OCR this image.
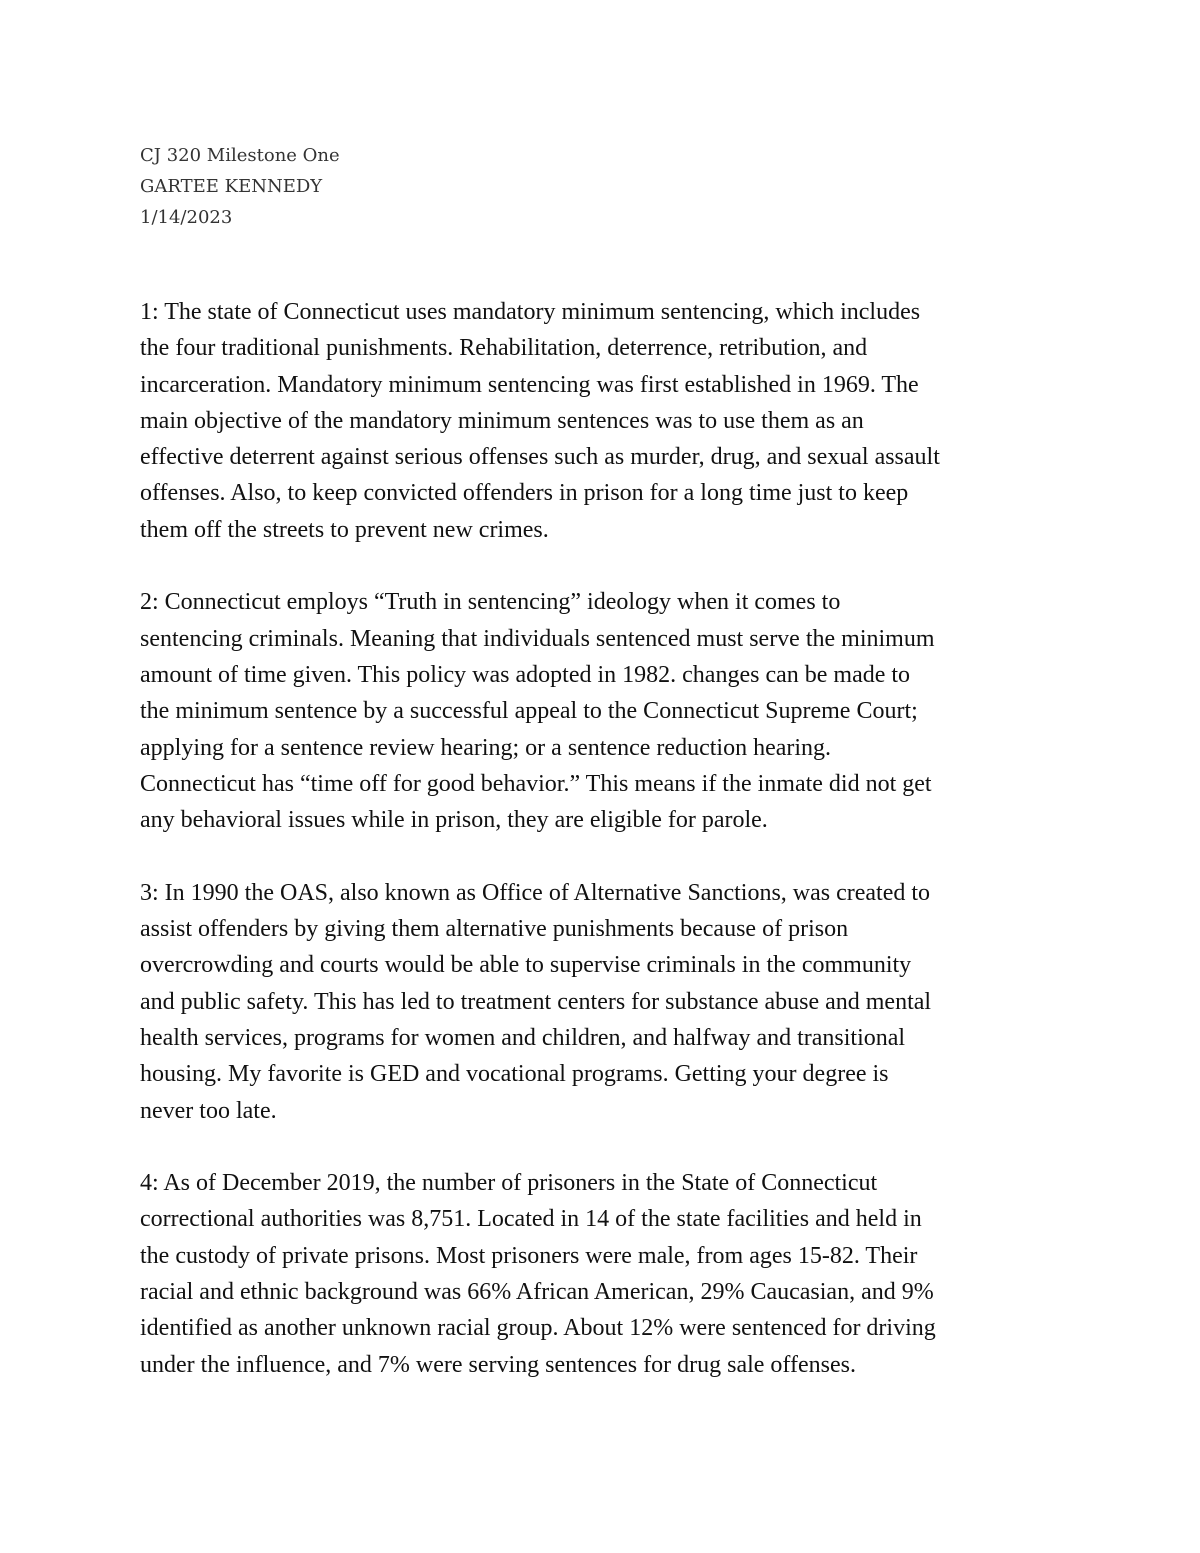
CJ 320 Milestone One
GARTEE KENNEDY
1/14/2023
1: The state of Connecticut uses mandatory minimum sentencing, which includes
the four traditional punishments. Rehabilitation, deterrence, retribution, and
incarceration. Mandatory minimum sentencing was first established in 1969. The
main objective of the mandatory minimum sentences was to use them as an
effective deterrent against serious offenses such as murder, drug, and sexual assault
offenses. Also, to keep convicted offenders in prison for a long time just to keep
them off the streets to prevent new crimes.
2: Connecticut employs “Truth in sentencing” ideology when it comes to
sentencing criminals. Meaning that individuals sentenced must serve the minimum
amount of time given. This policy was adopted in 1982. changes can be made to
the minimum sentence by a successful appeal to the Connecticut Supreme Court;
applying for a sentence review hearing; or a sentence reduction hearing.
Connecticut has “time off for good behavior.” This means if the inmate did not get
any behavioral issues while in prison, they are eligible for parole.
3: In 1990 the OAS, also known as Office of Alternative Sanctions, was created to
assist offenders by giving them alternative punishments because of prison
overcrowding and courts would be able to supervise criminals in the community
and public safety. This has led to treatment centers for substance abuse and mental
health services, programs for women and children, and halfway and transitional
housing. My favorite is GED and vocational programs. Getting your degree is
never too late.
4: As of December 2019, the number of prisoners in the State of Connecticut
correctional authorities was 8,751. Located in 14 of the state facilities and held in
the custody of private prisons. Most prisoners were male, from ages 15-82. Their
racial and ethnic background was 66% African American, 29% Caucasian, and 9%
identified as another unknown racial group. About 12% were sentenced for driving
under the influence, and 7% were serving sentences for drug sale offenses.
